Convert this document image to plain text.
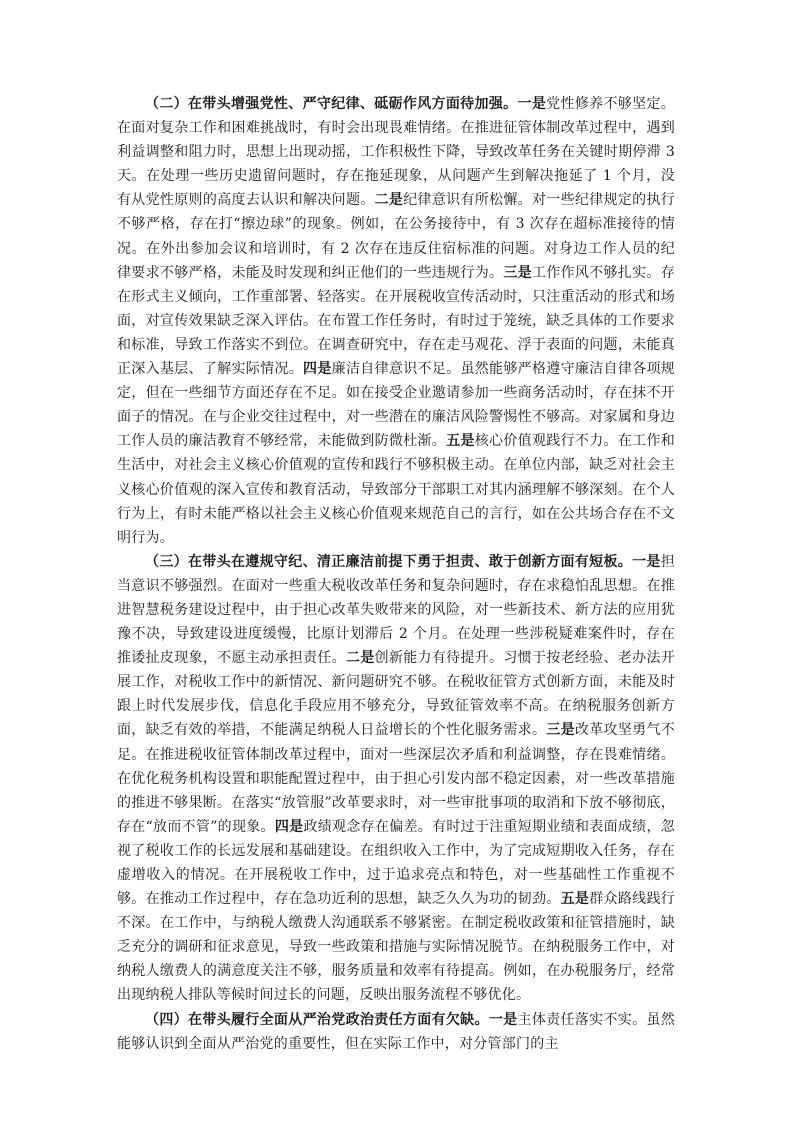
（二）在带头增强党性、严守纪律、砥砺作风方面待加强。一是党性修养不够坚定。在面对复杂工作和困难挑战时，有时会出现畏难情绪。在推进征管体制改革过程中，遇到利益调整和阻力时，思想上出现动摇，工作积极性下降，导致改革任务在关键时期停滞 3 天。在处理一些历史遗留问题时，存在拖延现象，从问题产生到解决拖延了 1 个月，没有从党性原则的高度去认识和解决问题。二是纪律意识有所松懈。对一些纪律规定的执行不够严格，存在打“擦边球”的现象。例如，在公务接待中，有 3 次存在超标准接待的情况。在外出参加会议和培训时，有 2 次存在违反住宿标准的问题。对身边工作人员的纪律要求不够严格，未能及时发现和纠正他们的一些违规行为。三是工作作风不够扎实。存在形式主义倾向，工作重部署、轻落实。在开展税收宣传活动时，只注重活动的形式和场面，对宣传效果缺乏深入评估。在布置工作任务时，有时过于笼统，缺乏具体的工作要求和标准，导致工作落实不到位。在调查研究中，存在走马观花、浮于表面的问题，未能真正深入基层、了解实际情况。四是廉洁自律意识不足。虽然能够严格遵守廉洁自律各项规定，但在一些细节方面还存在不足。如在接受企业邀请参加一些商务活动时，存在抹不开面子的情况。在与企业交往过程中，对一些潜在的廉洁风险警惕性不够高。对家属和身边工作人员的廉洁教育不够经常，未能做到防微杜渐。五是核心价值观践行不力。在工作和生活中，对社会主义核心价值观的宣传和践行不够积极主动。在单位内部，缺乏对社会主义核心价值观的深入宣传和教育活动，导致部分干部职工对其内涵理解不够深刻。在个人行为上，有时未能严格以社会主义核心价值观来规范自己的言行，如在公共场合存在不文明行为。

（三）在带头在遵规守纪、清正廉洁前提下勇于担责、敢于创新方面有短板。一是担当意识不够强烈。在面对一些重大税收改革任务和复杂问题时，存在求稳怕乱思想。在推进智慧税务建设过程中，由于担心改革失败带来的风险，对一些新技术、新方法的应用犹豫不决，导致建设进度缓慢，比原计划滞后 2 个月。在处理一些涉税疑难案件时，存在推诿扯皮现象，不愿主动承担责任。二是创新能力有待提升。习惯于按老经验、老办法开展工作，对税收工作中的新情况、新问题研究不够。在税收征管方式创新方面，未能及时跟上时代发展步伐，信息化手段应用不够充分，导致征管效率不高。在纳税服务创新方面，缺乏有效的举措，不能满足纳税人日益增长的个性化服务需求。三是改革攻坚勇气不足。在推进税收征管体制改革过程中，面对一些深层次矛盾和利益调整，存在畏难情绪。在优化税务机构设置和职能配置过程中，由于担心引发内部不稳定因素，对一些改革措施的推进不够果断。在落实“放管服”改革要求时，对一些审批事项的取消和下放不够彻底，存在“放而不管”的现象。四是政绩观念存在偏差。有时过于注重短期业绩和表面成绩，忽视了税收工作的长远发展和基础建设。在组织收入工作中，为了完成短期收入任务，存在虚增收入的情况。在开展税收工作中，过于追求亮点和特色，对一些基础性工作重视不够。在推动工作过程中，存在急功近利的思想，缺乏久久为功的韧劲。五是群众路线践行不深。在工作中，与纳税人缴费人沟通联系不够紧密。在制定税收政策和征管措施时，缺乏充分的调研和征求意见，导致一些政策和措施与实际情况脱节。在纳税服务工作中，对纳税人缴费人的满意度关注不够，服务质量和效率有待提高。例如，在办税服务厅，经常出现纳税人排队等候时间过长的问题，反映出服务流程不够优化。

（四）在带头履行全面从严治党政治责任方面有欠缺。一是主体责任落实不实。虽然能够认识到全面从严治党的重要性，但在实际工作中，对分管部门的主
